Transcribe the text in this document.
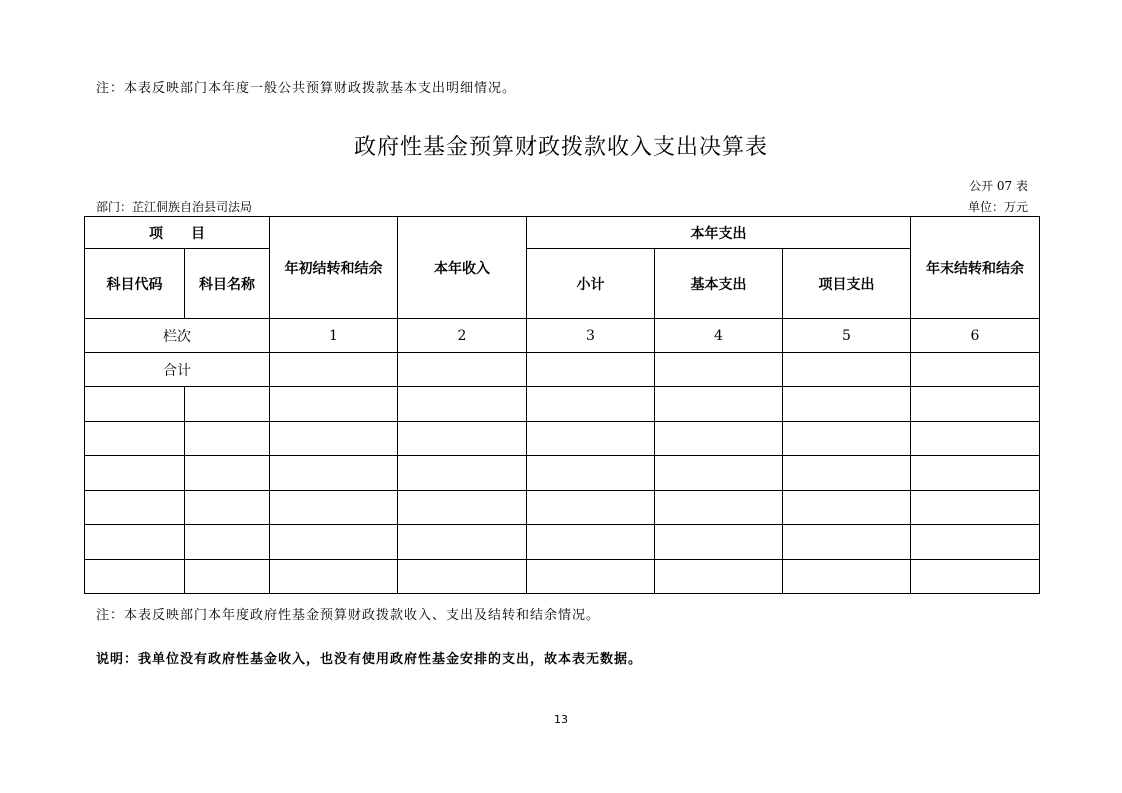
注：本表反映部门本年度一般公共预算财政拨款基本支出明细情况。
政府性基金预算财政拨款收入支出决算表
公开 07 表
部门：芷江侗族自治县司法局	单位：万元
项　　目		年初结转和结余	本年收入	本年支出			年末结转和结余
科目代码	科目名称			小计	基本支出	项目支出	
栏次		1	2	3	4	5	6
合计							

注：本表反映部门本年度政府性基金预算财政拨款收入、支出及结转和结余情况。
说明：我单位没有政府性基金收入，也没有使用政府性基金安排的支出，故本表无数据。
13
